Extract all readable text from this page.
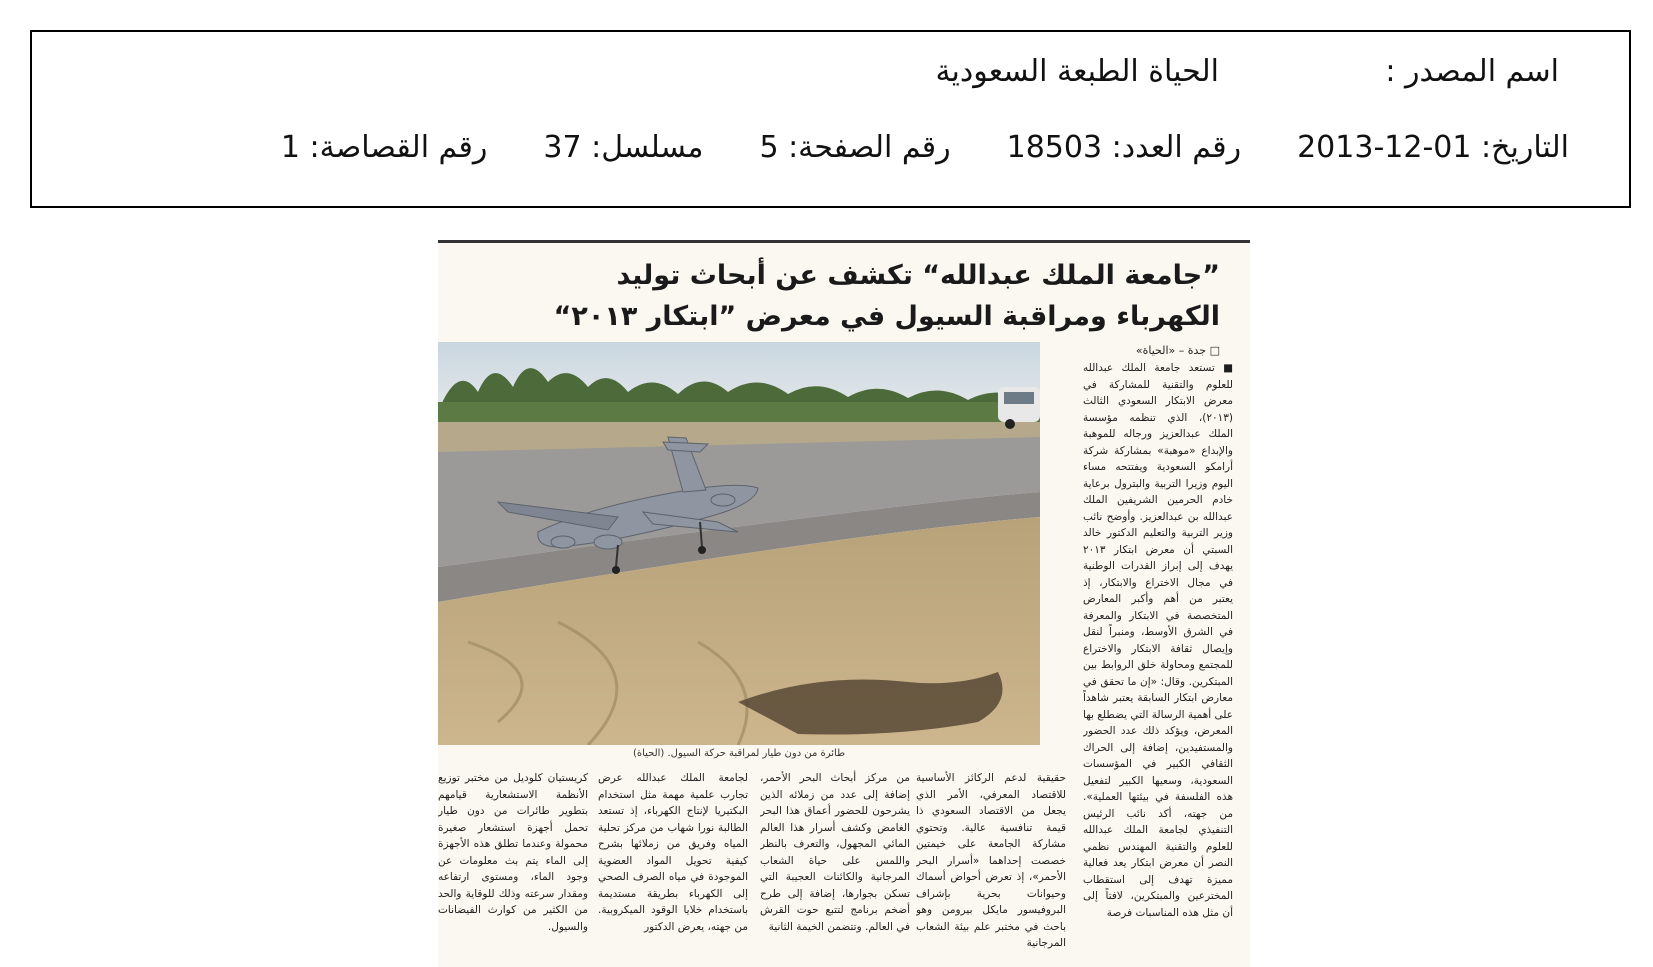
اسم المصدر :
الحياة الطبعة السعودية
التاريخ: 01-12-2013
رقم العدد: 18503
رقم الصفحة: 5
مسلسل: 37
رقم القصاصة: 1
”جامعة الملك عبدالله“ تكشف عن أبحاث توليد
الكهرباء ومراقبة السيول في معرض ”ابتكار ٢٠١٣“
□ جدة – «الحياة»
طائرة من دون طيار لمراقبة حركة السيول. (الحياة)
■ تستعد جامعة الملك عبدالله للعلوم والتقنية للمشاركة في معرض الابتكار السعودي الثالث (٢٠١٣)، الذي تنظمه مؤسسة الملك عبدالعزيز ورجاله للموهبة والإبداع «موهبة» بمشاركة شركة أرامكو السعودية ويفتتحه مساء اليوم وزيرا التربية والبترول برعاية خادم الحرمين الشريفين الملك عبدالله بن عبدالعزيز. وأوضح نائب وزير التربية والتعليم الدكتور خالد السبتي أن معرض ابتكار ٢٠١٣ يهدف إلى إبراز القدرات الوطنية في مجال الاختراع والابتكار، إذ يعتبر من أهم وأكبر المعارض المتخصصة في الابتكار والمعرفة في الشرق الأوسط، ومنبراً لنقل وإيصال ثقافة الابتكار والاختراع للمجتمع ومحاولة خلق الروابط بين المبتكرين. وقال: «إن ما تحقق في معارض ابتكار السابقة يعتبر شاهداً على أهمية الرسالة التي يضطلع بها المعرض، ويؤكد ذلك عدد الحضور والمستفيدين، إضافة إلى الحراك الثقافي الكبير في المؤسسات السعودية، وسعيها الكبير لتفعيل هذه الفلسفة في بيئتها العملية». من جهته، أكد نائب الرئيس التنفيذي لجامعة الملك عبدالله للعلوم والتقنية المهندس نظمي النصر أن معرض ابتكار يعد فعالية مميزة تهدف إلى استقطاب المخترعين والمبتكرين، لافتاً إلى أن مثل هذه المناسبات فرصة
حقيقية لدعم الركائز الأساسية للاقتصاد المعرفي، الأمر الذي يجعل من الاقتصاد السعودي ذا قيمة تنافسية عالية. وتحتوي مشاركة الجامعة على خيمتين خصصت إحداهما «أسرار البحر الأحمر»، إذ تعرض أحواض أسماك وحيوانات بحرية بإشراف البروفيسور مايكل بيرومن وهو باحث في مختبر علم بيئة الشعاب المرجانية
من مركز أبحاث البحر الأحمر، إضافة إلى عدد من زملائه الذين يشرحون للحضور أعماق هذا البحر الغامض وكشف أسرار هذا العالم المائي المجهول، والتعرف بالنظر واللمس على حياة الشعاب المرجانية والكائنات العجيبة التي تسكن بجوارها، إضافة إلى طرح أضخم برنامج لتتبع حوت القرش في العالم. وتتضمن الخيمة الثانية
لجامعة الملك عبدالله عرض تجارب علمية مهمة مثل استخدام البكتيريا لإنتاج الكهرباء، إذ تستعد الطالبة نورا شهاب من مركز تحلية المياه وفريق من زملائها بشرح كيفية تحويل المواد العضوية الموجودة في مياه الصرف الصحي إلى الكهرباء بطريقة مستديمة باستخدام خلايا الوقود الميكروبية. من جهته، يعرض الدكتور
كريستيان كلوديل من مختبر توزيع الأنظمة الاستشعارية قيامهم بتطوير طائرات من دون طيار تحمل أجهزة استشعار صغيرة محمولة وعندما تطلق هذه الأجهزة إلى الماء يتم بث معلومات عن وجود الماء، ومستوى ارتفاعه ومقدار سرعته وذلك للوقاية والحد من الكثير من كوارث الفيضانات والسيول.
